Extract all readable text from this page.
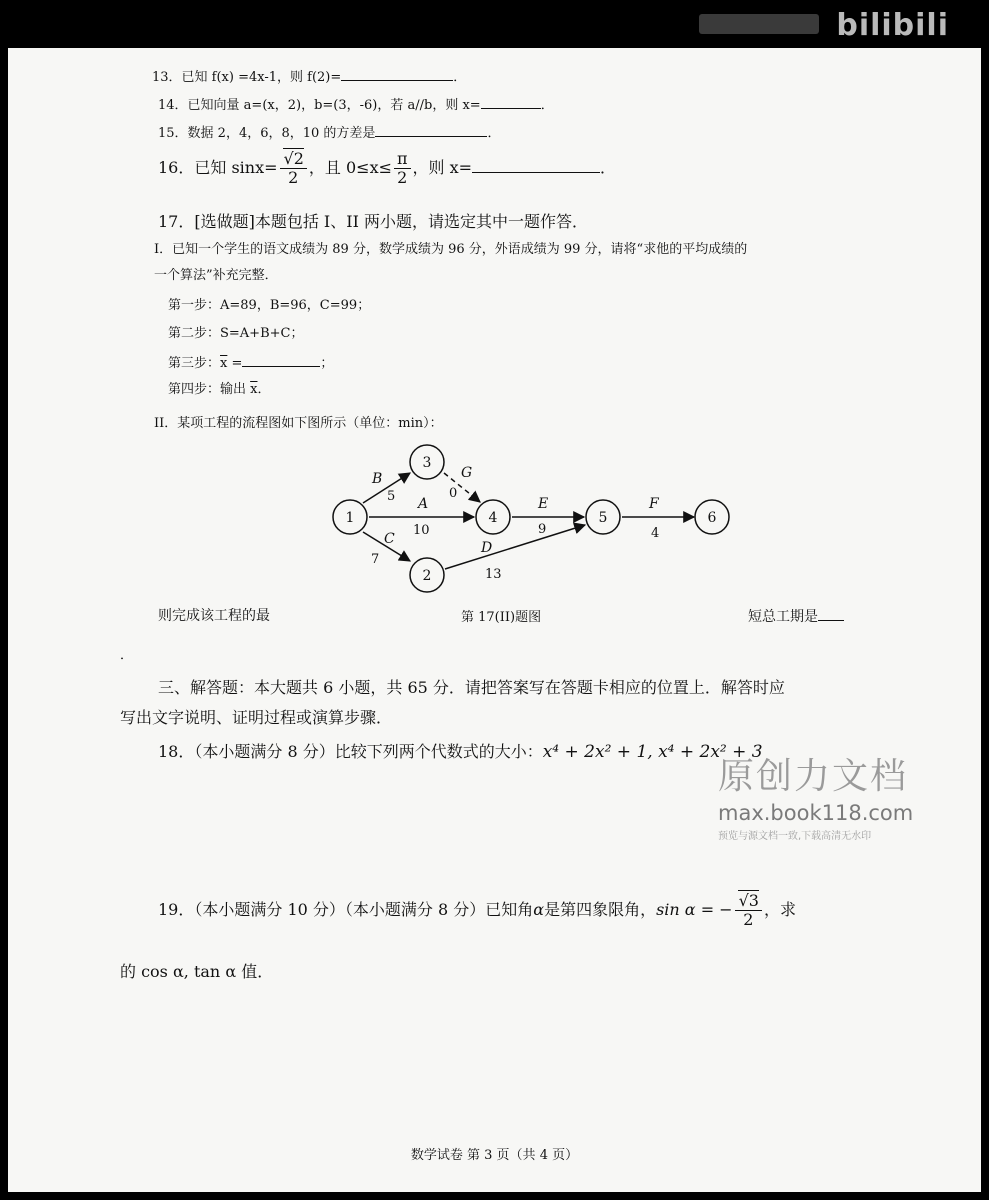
bilibili
13．已知 f(x) =4x-1，则 f(2)=	．
14．已知向量 a=(x，2)，b=(3，-6)，若 a//b，则 x=	．
15．数据 2，4，6，8，10 的方差是	．
16．已知 $\sin x= \frac{√2}{2}$ ，且 $0\le x\le \frac{\pi}{2}$ ，则 x=	．
17．[选做题]本题包括 I、II 两小题，请选定其中一题作答．
I．已知一个学生的语文成绩为 89 分，数学成绩为 96 分，外语成绩为 99 分，请将“求他的平均成绩的
一个算法”补充完整．
第一步：A=89，B=96，C=99；
第二步：S=A+B+C；
第三步：$\overline{x}$ =	；
第四步：输出 $\overline{x}$．
II．某项工程的流程图如下图所示（单位：min）：
1
3
4	5	6
2
B
5
G
0
A
10
E
9
F
4
C
7
D
13
则完成该工程的最	第 17(II)题图	短总工期是
．
三、解答题：本大题共 6 小题，共 65 分．请把答案写在答题卡相应的位置上．解答时应
写出文字说明、证明过程或演算步骤．
18．（本小题满分 8 分）比较下列两个代数式的大小：x⁴ + 2x² + 1, x⁴ + 2x² + 3
原创力文档
max.book118.com
预览与源文档一致,下载高清无水印
19．（本小题满分 10 分）（本小题满分 8 分）已知角α是第四象限角，sin α = − $\frac{√3}{2}$ ，求
的 cos α, tan α 值．
数学试卷 第 3 页（共 4 页）
